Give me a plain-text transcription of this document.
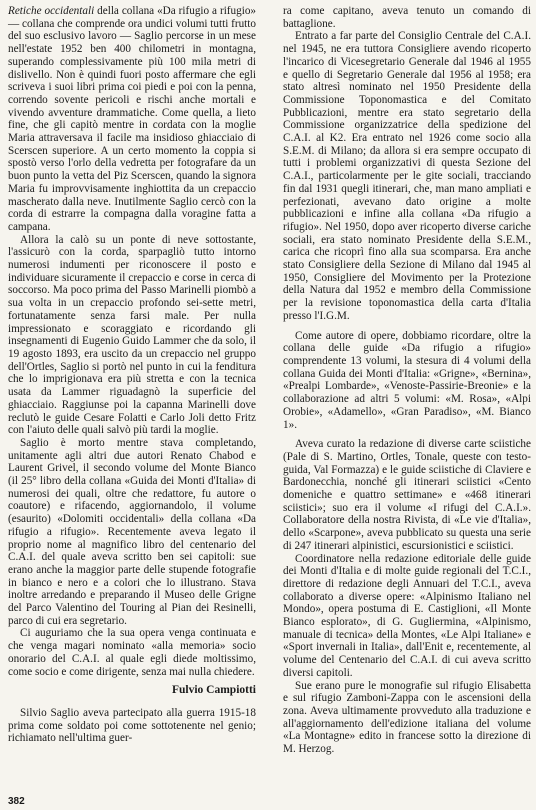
Retiche occidentali della collana «Da rifugio a rifugio» — collana che comprende ora undici volumi tutti frutto del suo esclusivo lavoro — Saglio percorse in un mese nell'estate 1952 ben 400 chilometri in montagna, superando complessivamente più 100 mila metri di dislivello. Non è quindi fuori posto affermare che egli scriveva i suoi libri prima coi piedi e poi con la penna, correndo sovente pericoli e rischi anche mortali e vivendo avventure drammatiche. Come quella, a lieto fine, che gli capitò mentre in cordata con la moglie Maria attraversava il facile ma insidioso ghiacciaio di Scerscen superiore. A un certo momento la coppia si spostò verso l'orlo della vedretta per fotografare da un buon punto la vetta del Piz Scerscen, quando la signora Maria fu improvvisamente inghiottita da un crepaccio mascherato dalla neve. Inutilmente Saglio cercò con la corda di estrarre la compagna dalla voragine fatta a campana.

Allora la calò su un ponte di neve sottostante, l'assicurò con la corda, sparpagliò tutto intorno numerosi indumenti per riconoscere il posto e individuare sicuramente il crepaccio e corse in cerca di soccorso. Ma poco prima del Passo Marinelli piombò a sua volta in un crepaccio profondo sei-sette metri, fortunatamente senza farsi male. Per nulla impressionato e scoraggiato e ricordando gli insegnamenti di Eugenio Guido Lammer che da solo, il 19 agosto 1893, era uscito da un crepaccio nel gruppo dell'Ortles, Saglio si portò nel punto in cui la fenditura che lo imprigionava era più stretta e con la tecnica usata da Lammer riguadagnò la superficie del ghiacciaio. Raggiunse poi la capanna Marinelli dove reclutò le guide Cesare Folatti e Carlo Joli detto Fritz con l'aiuto delle quali salvò più tardi la moglie.

Saglio è morto mentre stava completando, unitamente agli altri due autori Renato Chabod e Laurent Grivel, il secondo volume del Monte Bianco (il 25° libro della collana «Guida dei Monti d'Italia» di numerosi dei quali, oltre che redattore, fu autore o coautore) e rifacendo, aggiornandolo, il volume (esaurito) «Dolomiti occidentali» della collana «Da rifugio a rifugio». Recentemente aveva legato il proprio nome al magnifico libro del centenario del C.A.I. del quale aveva scritto ben sei capitoli: sue erano anche la maggior parte delle stupende fotografie in bianco e nero e a colori che lo illustrano. Stava inoltre arredando e preparando il Museo delle Grigne del Parco Valentino del Touring al Pian dei Resinelli, parco di cui era segretario.

Ci auguriamo che la sua opera venga continuata e che venga magari nominato «alla memoria» socio onorario del C.A.I. al quale egli diede moltissimo, come socio e come dirigente, senza mai nulla chiedere.

Fulvio Campiotti

Silvio Saglio aveva partecipato alla guerra 1915-18 prima come soldato poi come sottotenente nel genio; richiamato nell'ultima guer-

ra come capitano, aveva tenuto un comando di battaglione.

Entrato a far parte del Consiglio Centrale del C.A.I. nel 1945, ne era tuttora Consigliere avendo ricoperto l'incarico di Vicesegretario Generale dal 1946 al 1955 e quello di Segretario Generale dal 1956 al 1958; era stato altresì nominato nel 1950 Presidente della Commissione Toponomastica e del Comitato Pubblicazioni, mentre era stato segretario della Commissione organizzatrice della spedizione del C.A.I. al K2. Era entrato nel 1926 come socio alla S.E.M. di Milano; da allora si era sempre occupato di tutti i problemi organizzativi di questa Sezione del C.A.I., particolarmente per le gite sociali, tracciando fin dal 1931 quegli itinerari, che, man mano ampliati e perfezionati, avevano dato origine a molte pubblicazioni e infine alla collana «Da rifugio a rifugio». Nel 1950, dopo aver ricoperto diverse cariche sociali, era stato nominato Presidente della S.E.M., carica che ricoprì fino alla sua scomparsa. Era anche stato Consigliere della Sezione di Milano dal 1945 al 1950, Consigliere del Movimento per la Protezione della Natura dal 1952 e membro della Commissione per la revisione toponomastica della carta d'Italia presso l'I.G.M.

Come autore di opere, dobbiamo ricordare, oltre la collana delle guide «Da rifugio a rifugio» comprendente 13 volumi, la stesura di 4 volumi della collana Guida dei Monti d'Italia: «Grigne», «Bernina», «Prealpi Lombarde», «Venoste-Passirie-Breonie» e la collaborazione ad altri 5 volumi: «M. Rosa», «Alpi Orobie», «Adamello», «Gran Paradiso», «M. Bianco 1».

Aveva curato la redazione di diverse carte sciistiche (Pale di S. Martino, Ortles, Tonale, queste con testo-guida, Val Formazza) e le guide sciistiche di Claviere e Bardonecchia, nonché gli itinerari sciistici «Cento domeniche e quattro settimane» e «468 itinerari sciistici»; suo era il volume «I rifugi del C.A.I.». Collaboratore della nostra Rivista, di «Le vie d'Italia», dello «Scarpone», aveva pubblicato su questa una serie di 247 itinerari alpinistici, escursionistici e sciistici.

Coordinatore nella redazione editoriale delle guide dei Monti d'Italia e di molte guide regionali del T.C.I., direttore di redazione degli Annuari del T.C.I., aveva collaborato a diverse opere: «Alpinismo Italiano nel Mondo», opera postuma di E. Castiglioni, «Il Monte Bianco esplorato», di G. Gugliermina, «Alpinismo, manuale di tecnica» della Montes, «Le Alpi Italiane» e «Sport invernali in Italia», dall'Enit e, recentemente, al volume del Centenario del C.A.I. di cui aveva scritto diversi capitoli.

Sue erano pure le monografie sul rifugio Elisabetta e sul rifugio Zamboni-Zappa con le ascensioni della zona. Aveva ultimamente provveduto alla traduzione e all'aggiornamento dell'edizione italiana del volume «La Montagne» edito in francese sotto la direzione di M. Herzog.

382
